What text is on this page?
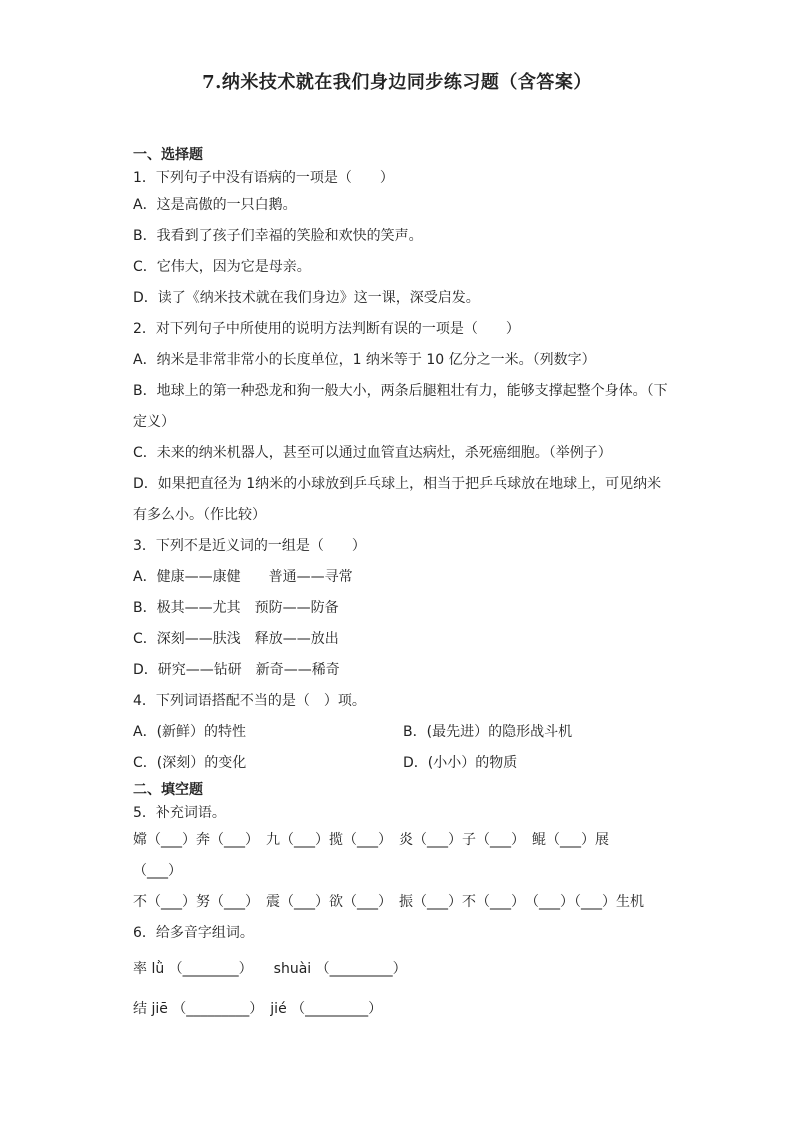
7.纳米技术就在我们身边同步练习题（含答案）
一、选择题
1．下列句子中没有语病的一项是（　　）
A．这是高傲的一只白鹅。
B．我看到了孩子们幸福的笑脸和欢快的笑声。
C．它伟大，因为它是母亲。
D．读了《纳米技术就在我们身边》这一课，深受启发。
2．对下列句子中所使用的说明方法判断有误的一项是（　　）
A．纳米是非常非常小的长度单位，1 纳米等于 10 亿分之一米。（列数字）
B．地球上的第一种恐龙和狗一般大小，两条后腿粗壮有力，能够支撑起整个身体。（下
定义）
C．未来的纳米机器人，甚至可以通过血管直达病灶，杀死癌细胞。（举例子）
D．如果把直径为 1纳米的小球放到乒乓球上，相当于把乒乓球放在地球上，可见纳米
有多么小。（作比较）
3．下列不是近义词的一组是（　　）
A．健康——康健　　普通——寻常
B．极其——尤其　预防——防备
C．深刻——肤浅　释放——放出
D．研究——钻研　新奇——稀奇
4．下列词语搭配不当的是（　）项。
A．(新鲜）的特性	B．(最先进）的隐形战斗机
C．(深刻）的变化	D．(小小）的物质
二、填空题
5．补充词语。
嫦（___）奔（___）　九（___）揽（___）　炎（___）子（___）　鲲（___）展
（___）
不（___）努（___）　震（___）欲（___）　振（___）不（___）　（___）（___）生机
6．给多音字组词。
率 lǜ （________）　　shuài （_________）
结 jiē （_________）　jié （_________）
